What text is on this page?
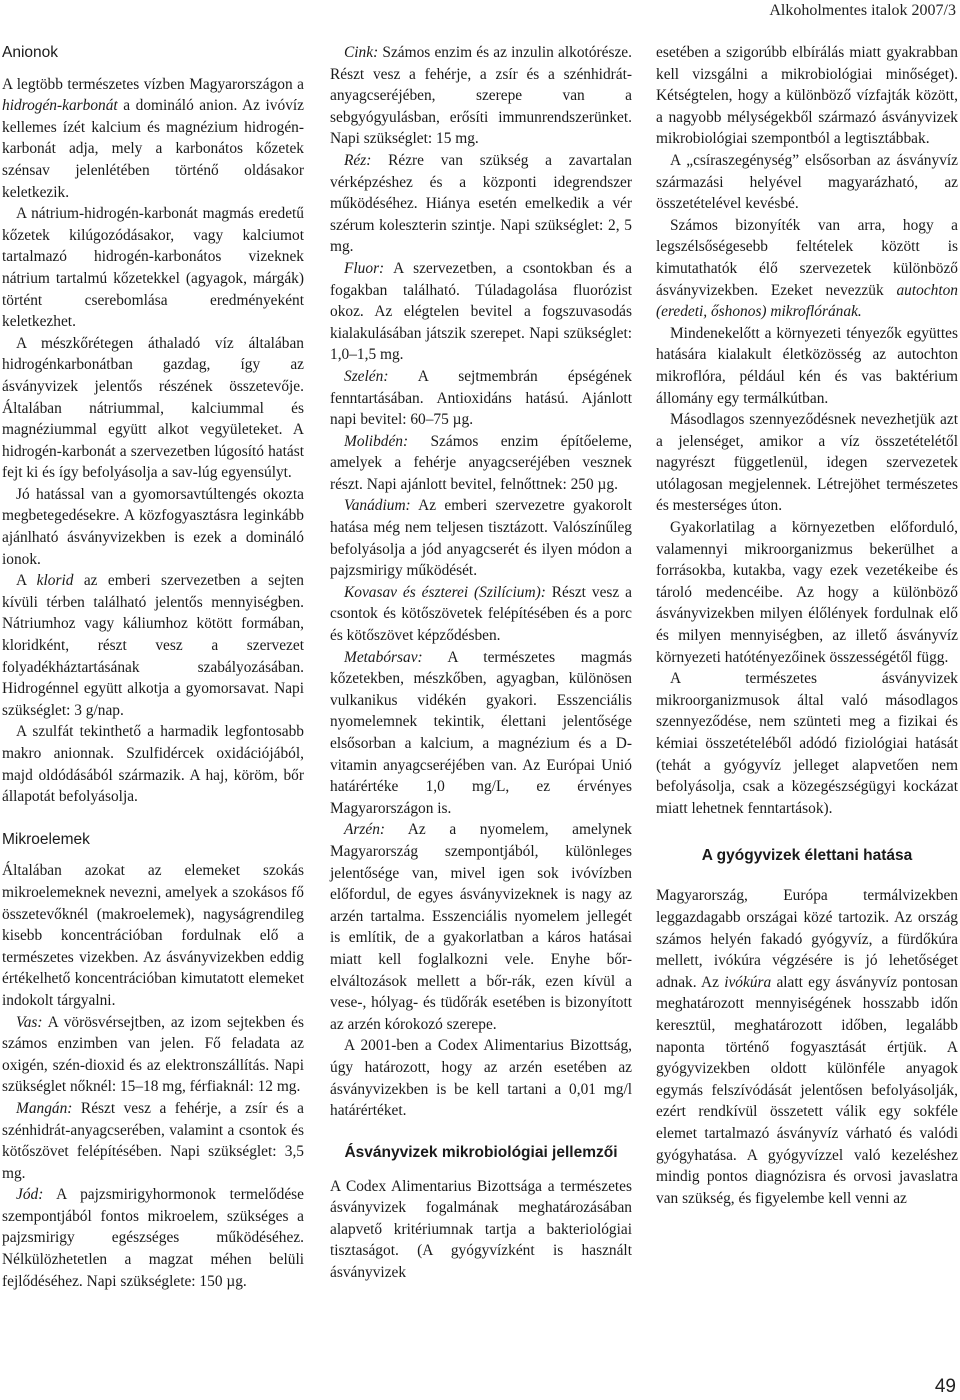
Alkoholmentes italok 2007/3
Anionok

A legtöbb természetes vízben Magyarországon a hidrogén-karbonát a domináló anion. Az ivóvíz kellemes ízét kalcium és magnézium hidrogén-karbonát adja, mely a karbonátos kőzetek szénsav jelenlétében történő oldásakor keletkezik.

A nátrium-hidrogén-karbonát magmás eredetű kőzetek kilúgozódásakor, vagy kalciumot tartalmazó hidrogén-karbonátos vizeknek nátrium tartalmú kőzetekkel (agyagok, márgák) történt cserebomlása eredményeként keletkezhet.

A mészkőrétegen áthaladó víz általában hidrogénkarbonátban gazdag, így az ásványvizek jelentős részének összetevője. Általában nátriummal, kalciummal és magnéziummal együtt alkot vegyületeket. A hidrogén-karbonát a szervezetben lúgosító hatást fejt ki és így befolyásolja a sav-lúg egyensúlyt.

Jó hatással van a gyomorsavtúltengés okozta megbetegedésekre. A közfogyasztásra leginkább ajánlható ásványvizekben is ezek a domináló ionok.

A klorid az emberi szervezetben a sejten kívüli térben található jelentős mennyiségben. Nátriumhoz vagy káliumhoz kötött formában, kloridként, részt vesz a szervezet folyadékháztartásának szabályozásában. Hidrogénnel együtt alkotja a gyomorsavat. Napi szükséglet: 3 g/nap.

A szulfát tekinthető a harmadik legfontosabb makro anionnak. Szulfidércek oxidációjából, majd oldódásából származik. A haj, köröm, bőr állapotát befolyásolja.

Mikroelemek

Általában azokat az elemeket szokás mikroelemeknek nevezni, amelyek a szokásos fő összetevőknél (makroelemek), nagyságrendileg kisebb koncentrációban fordulnak elő a természetes vizekben. Az ásványvizekben eddig értékelhető koncentrációban kimutatott elemeket indokolt tárgyalni.

Vas: A vörösvérsejtben, az izom sejtekben és számos enzimben van jelen. Fő feladata az oxigén, szén-dioxid és az elektronszállítás. Napi szükséglet nőknél: 15–18 mg, férfiaknál: 12 mg.

Mangán: Részt vesz a fehérje, a zsír és a szénhidrát-anyagcserében, valamint a csontok és kötőszövet felépítésében. Napi szükséglet: 3,5 mg.

Jód: A pajzsmirigyhormonok termelődése szempontjából fontos mikroelem, szükséges a pajzsmirigy egészséges működéséhez. Nélkülözhetetlen a magzat méhen belüli fejlődéséhez. Napi szükséglete: 150 µg.

Cink: Számos enzim és az inzulin alkotórésze. Részt vesz a fehérje, a zsír és a szénhidrát- anyagcseréjében, szerepe van a sebgyógyulásban, erősíti immunrendszerünket. Napi szükséglet: 15 mg.

Réz: Rézre van szükség a zavartalan vérképzéshez és a központi idegrendszer működéséhez. Hiánya esetén emelkedik a vér szérum koleszterin szintje. Napi szükséglet: 2, 5 mg.

Fluor: A szervezetben, a csontokban és a fogakban található. Túladagolása fluorózist okoz. Az elégtelen bevitel a fogszuvasodás kialakulásában játszik szerepet. Napi szükséglet: 1,0–1,5 mg.

Szelén: A sejtmembrán épségének fenntartásában. Antioxidáns hatású. Ajánlott napi bevitel: 60–75 µg.

Molibdén: Számos enzim építőeleme, amelyek a fehérje anyagcseréjében vesznek részt. Napi ajánlott bevitel, felnőttnek: 250 µg.

Vanádium: Az emberi szervezetre gyakorolt hatása még nem teljesen tisztázott. Valószínűleg befolyásolja a jód anyagcserét és ilyen módon a pajzsmirigy működését.

Kovasav és észterei (Szilícium): Részt vesz a csontok és kötőszövetek felépítésében és a porc és kötőszövet képződésben.

Metabórsav: A természetes magmás kőzetekben, mészkőben, agyagban, különösen vulkanikus vidékén gyakori. Esszenciális nyomelemnek tekintik, élettani jelentősége elsősorban a kalcium, a magnézium és a D-vitamin anyagcseréjében van. Az Európai Unió határértéke 1,0 mg/L, ez érvényes Magyarországon is.

Arzén: Az a nyomelem, amelynek Magyarország szempontjából, különleges jelentősége van, mivel igen sok ivóvízben előfordul, de egyes ásványvizeknek is nagy az arzén tartalma. Esszenciális nyomelem jellegét is említik, de a gyakorlatban a káros hatásai miatt kell foglalkozni vele. Enyhe bőr-elváltozások mellett a bőr-rák, ezen kívül a vese-, hólyag- és tüdőrák esetében is bizonyított az arzén kórokozó szerepe.

A 2001-ben a Codex Alimentarius Bizottság, úgy határozott, hogy az arzén esetében az ásványvizekben is be kell tartani a 0,01 mg/l határértéket.

Ásványvizek mikrobiológiai jellemzői

A Codex Alimentarius Bizottsága a természetes ásványvizek fogalmának meghatározásában alapvető kritériumnak tartja a bakteriológiai tisztaságot. (A gyógyvízként is használt ásványvizek

esetében a szigorúbb elbírálás miatt gyakrabban kell vizsgálni a mikrobiológiai minőséget). Kétségtelen, hogy a különböző vízfajták között, a nagyobb mélységekből származó ásványvizek mikrobiológiai szempontból a legtisztábbak.

A „csíraszegénység” elsősorban az ásványvíz származási helyével magyarázható, az összetételével kevésbé.

Számos bizonyíték van arra, hogy a legszélsőségesebb feltételek között is kimutathatók élő szervezetek különböző ásványvizekben. Ezeket nevezzük autochton (eredeti, őshonos) mikroflórának.

Mindenekelőtt a környezeti tényezők együttes hatására kialakult életközösség az autochton mikroflóra, például kén és vas baktérium állomány egy termálkútban.

Másodlagos szennyeződésnek nevezhetjük azt a jelenséget, amikor a víz összetételétől nagyrészt függetlenül, idegen szervezetek utólagosan megjelennek. Létrejöhet természetes és mesterséges úton.

Gyakorlatilag a környezetben előforduló, valamennyi mikroorganizmus bekerülhet a forrásokba, kutakba, vagy ezek vezetékeibe és tároló medencéibe. Az hogy a különböző ásványvizekben milyen élőlények fordulnak elő és milyen mennyiségben, az illető ásványvíz környezeti hatótényezőinek összességétől függ.

A természetes ásványvizek mikroorganizmusok által való másodlagos szennyeződése, nem szünteti meg a fizikai és kémiai összetételéből adódó fiziológiai hatását (tehát a gyógyvíz jelleget alapvetően nem befolyásolja, csak a közegészségügyi kockázat miatt lehetnek fenntartások).

A gyógyvizek élettani hatása

Magyarország, Európa termálvizekben leggazdagabb országai közé tartozik. Az ország számos helyén fakadó gyógyvíz, a fürdőkúra mellett, ivókúra végzésére is jó lehetőséget adnak. Az ivókúra alatt egy ásványvíz pontosan meghatározott mennyiségének hosszabb időn keresztül, meghatározott időben, legalább naponta történő fogyasztását értjük. A gyógyvizekben oldott különféle anyagok egymás felszívódását jelentősen befolyásolják, ezért rendkívül összetett válik egy sokféle elemet tartalmazó ásványvíz várható és valódi gyógyhatása. A gyógyvízzel való kezeléshez mindig pontos diagnózisra és orvosi javaslatra van szükség, és figyelembe kell venni az

49
